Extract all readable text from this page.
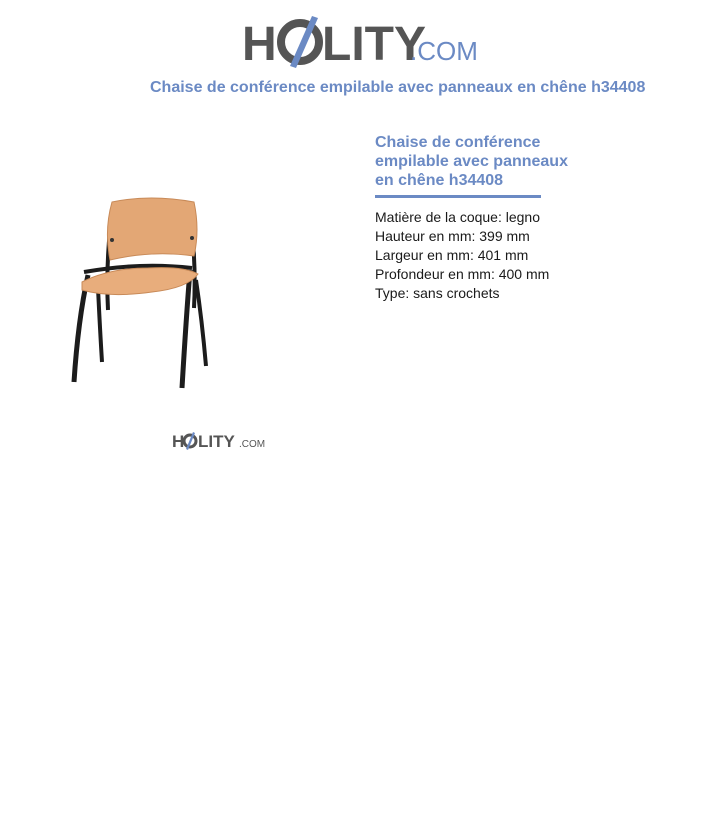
H LITY
.COM
Chaise de conférence empilable avec panneaux en chêne h34408
H LITY .COM
Chaise de conférence empilable avec panneaux en chêne h34408
Matière de la coque: legno
Hauteur en mm: 399 mm
Largeur en mm: 401 mm
Profondeur en mm: 400 mm
Type: sans crochets
